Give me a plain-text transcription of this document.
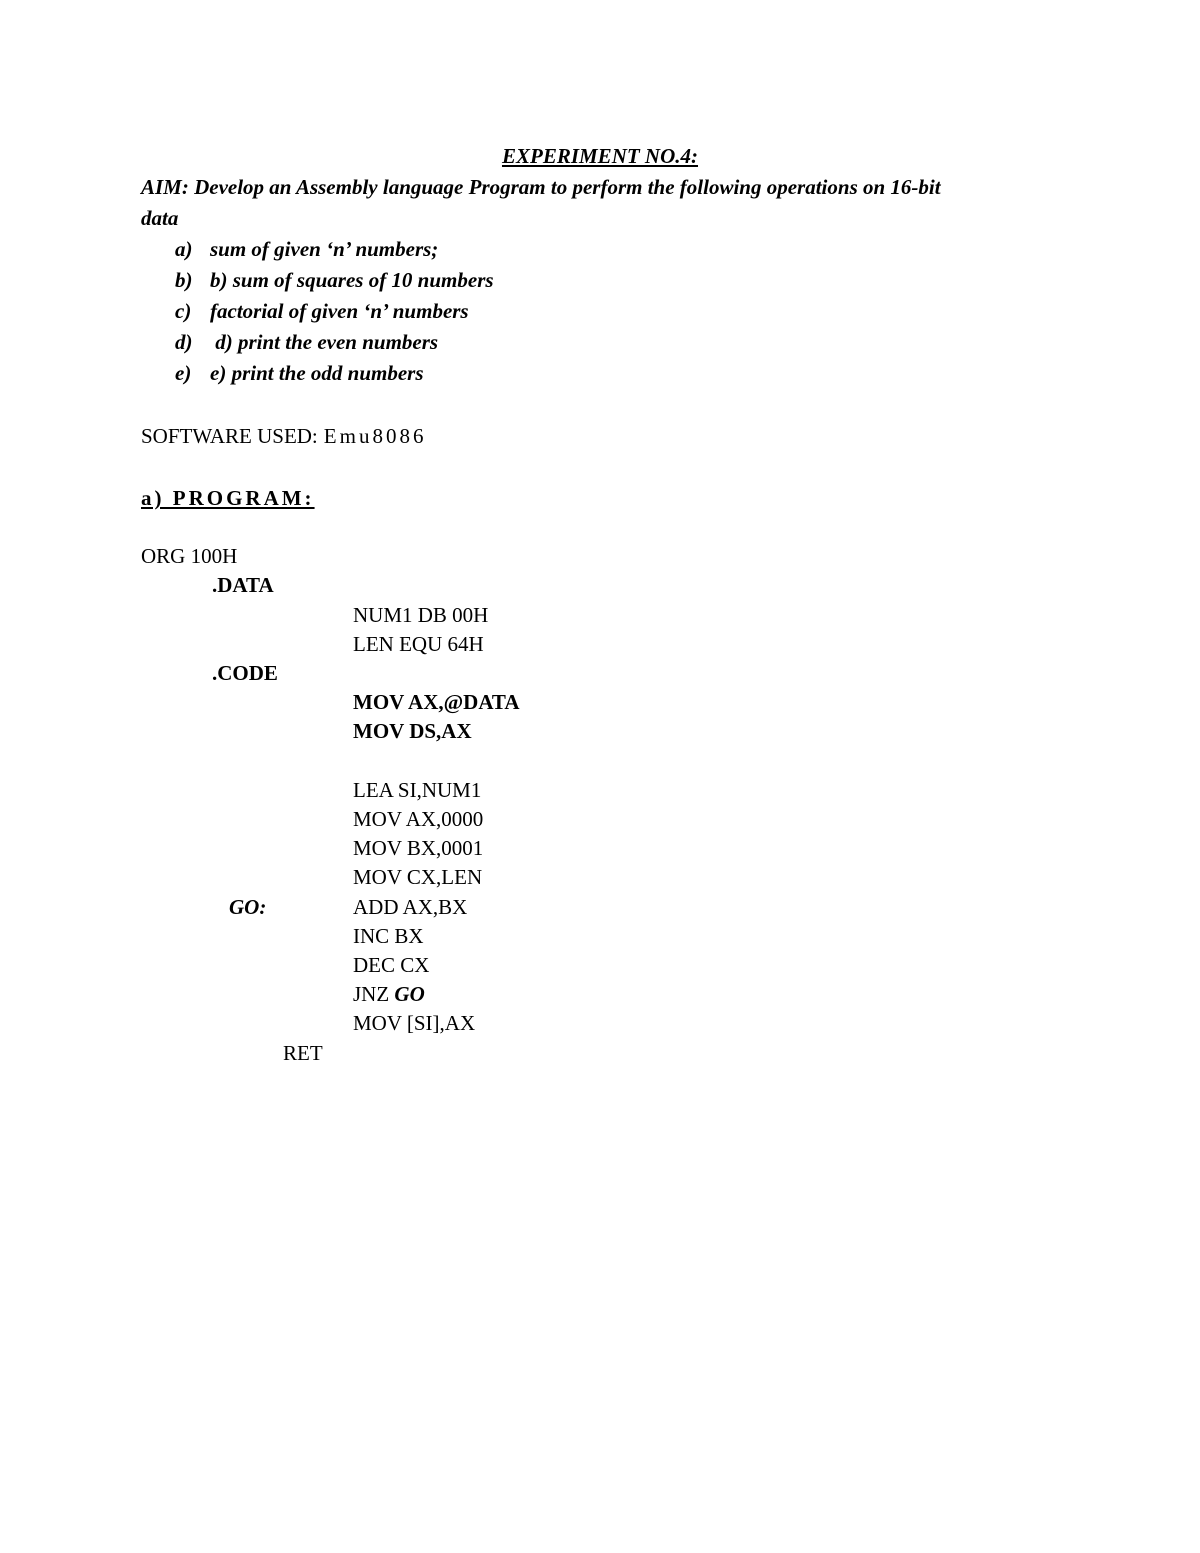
EXPERIMENT NO.4:
AIM: Develop an Assembly language Program to perform the following operations on 16-bit
data
a) sum of given ‘n’ numbers;
b) b) sum of squares of 10 numbers
c) factorial of given ‘n’ numbers
d) d) print the even numbers
e) e) print the odd numbers
SOFTWARE USED: Emu8086
a) PROGRAM:
ORG 100H
.DATA
NUM1 DB 00H
LEN EQU 64H
.CODE
MOV AX,@DATA
MOV DS,AX
LEA SI,NUM1
MOV AX,0000
MOV BX,0001
MOV CX,LEN
GO:	ADD AX,BX
INC BX
DEC CX
JNZ GO
MOV [SI],AX
RET
